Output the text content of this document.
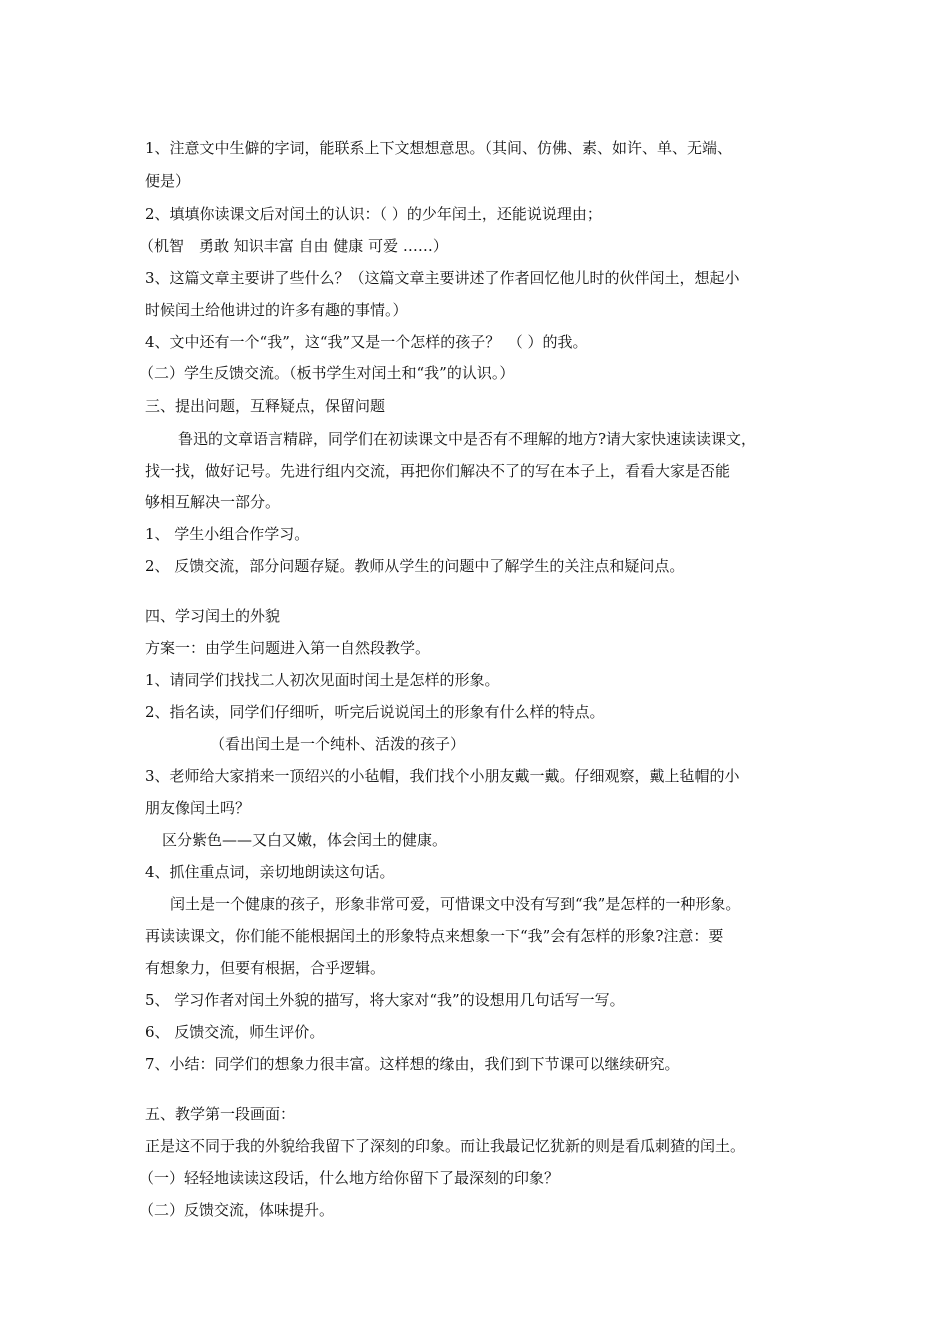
1、注意文中生僻的字词，能联系上下文想想意思。（其间、仿佛、素、如许、单、无端、
便是）
2、填填你读课文后对闰土的认识：（ ）的少年闰土，还能说说理由；
（机智　勇敢 知识丰富 自由 健康 可爱 ……）
3、这篇文章主要讲了些什么？（这篇文章主要讲述了作者回忆他儿时的伙伴闰土，想起小
时候闰土给他讲过的许多有趣的事情。）
4、文中还有一个“我”，这“我”又是一个怎样的孩子？　（ ）的我。
（二）学生反馈交流。（板书学生对闰土和“我”的认识。）
三、提出问题，互释疑点，保留问题
鲁迅的文章语言精辟，同学们在初读课文中是否有不理解的地方?请大家快速读读课文，
找一找，做好记号。先进行组内交流，再把你们解决不了的写在本子上，看看大家是否能
够相互解决一部分。
1、 学生小组合作学习。
2、 反馈交流，部分问题存疑。教师从学生的问题中了解学生的关注点和疑问点。
四、学习闰土的外貌
方案一：由学生问题进入第一自然段教学。
1、请同学们找找二人初次见面时闰土是怎样的形象。
2、指名读，同学们仔细听，听完后说说闰土的形象有什么样的特点。
（看出闰土是一个纯朴、活泼的孩子）
3、老师给大家捎来一顶绍兴的小毡帽，我们找个小朋友戴一戴。仔细观察，戴上毡帽的小
朋友像闰土吗？
区分紫色——又白又嫩，体会闰土的健康。
4、抓住重点词，亲切地朗读这句话。
闰土是一个健康的孩子，形象非常可爱，可惜课文中没有写到“我”是怎样的一种形象。
再读读课文，你们能不能根据闰土的形象特点来想象一下“我”会有怎样的形象?注意：要
有想象力，但要有根据，合乎逻辑。
5、 学习作者对闰土外貌的描写，将大家对“我”的设想用几句话写一写。
6、 反馈交流，师生评价。
7、小结：同学们的想象力很丰富。这样想的缘由，我们到下节课可以继续研究。
五、教学第一段画面：
正是这不同于我的外貌给我留下了深刻的印象。而让我最记忆犹新的则是看瓜刺猹的闰土。
（一）轻轻地读读这段话，什么地方给你留下了最深刻的印象？
（二）反馈交流，体味提升。
